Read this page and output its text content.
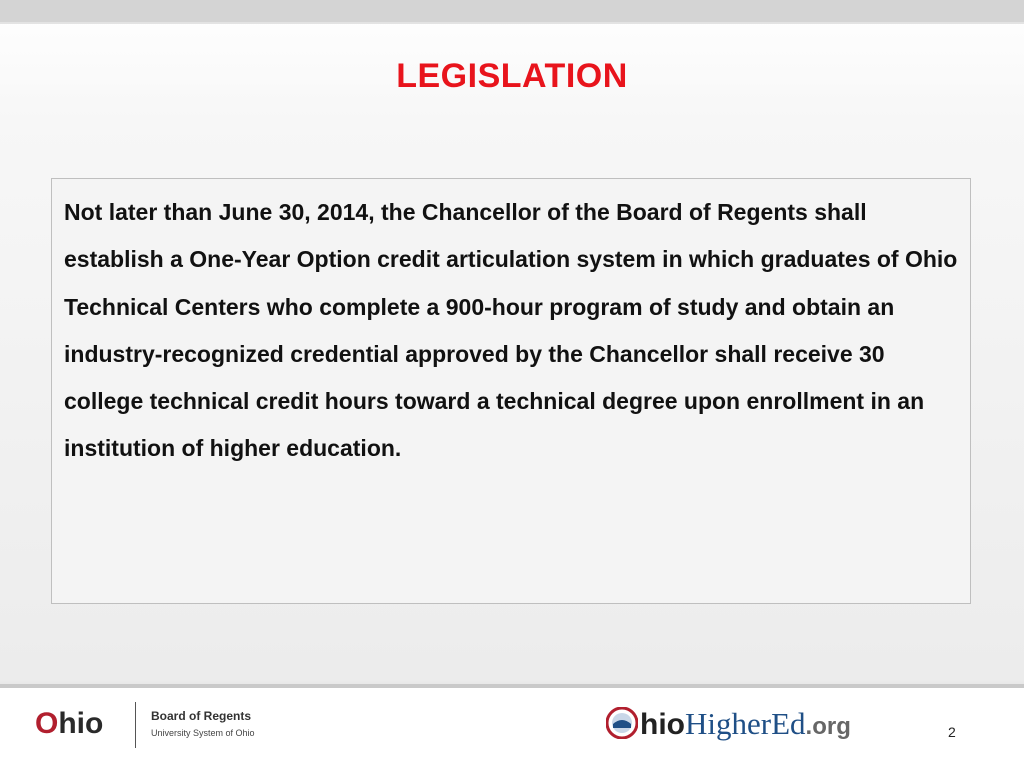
LEGISLATION
Not later than June 30, 2014, the Chancellor of the Board of Regents shall establish a One-Year Option credit articulation system in which graduates of Ohio Technical Centers who complete a 900-hour program of study and obtain an industry-recognized credential approved by the Chancellor shall receive 30 college technical credit hours toward a technical degree upon enrollment in an institution of higher education.
Ohio	Board of Regents
University System of Ohio	hioHigherEd.org	2
